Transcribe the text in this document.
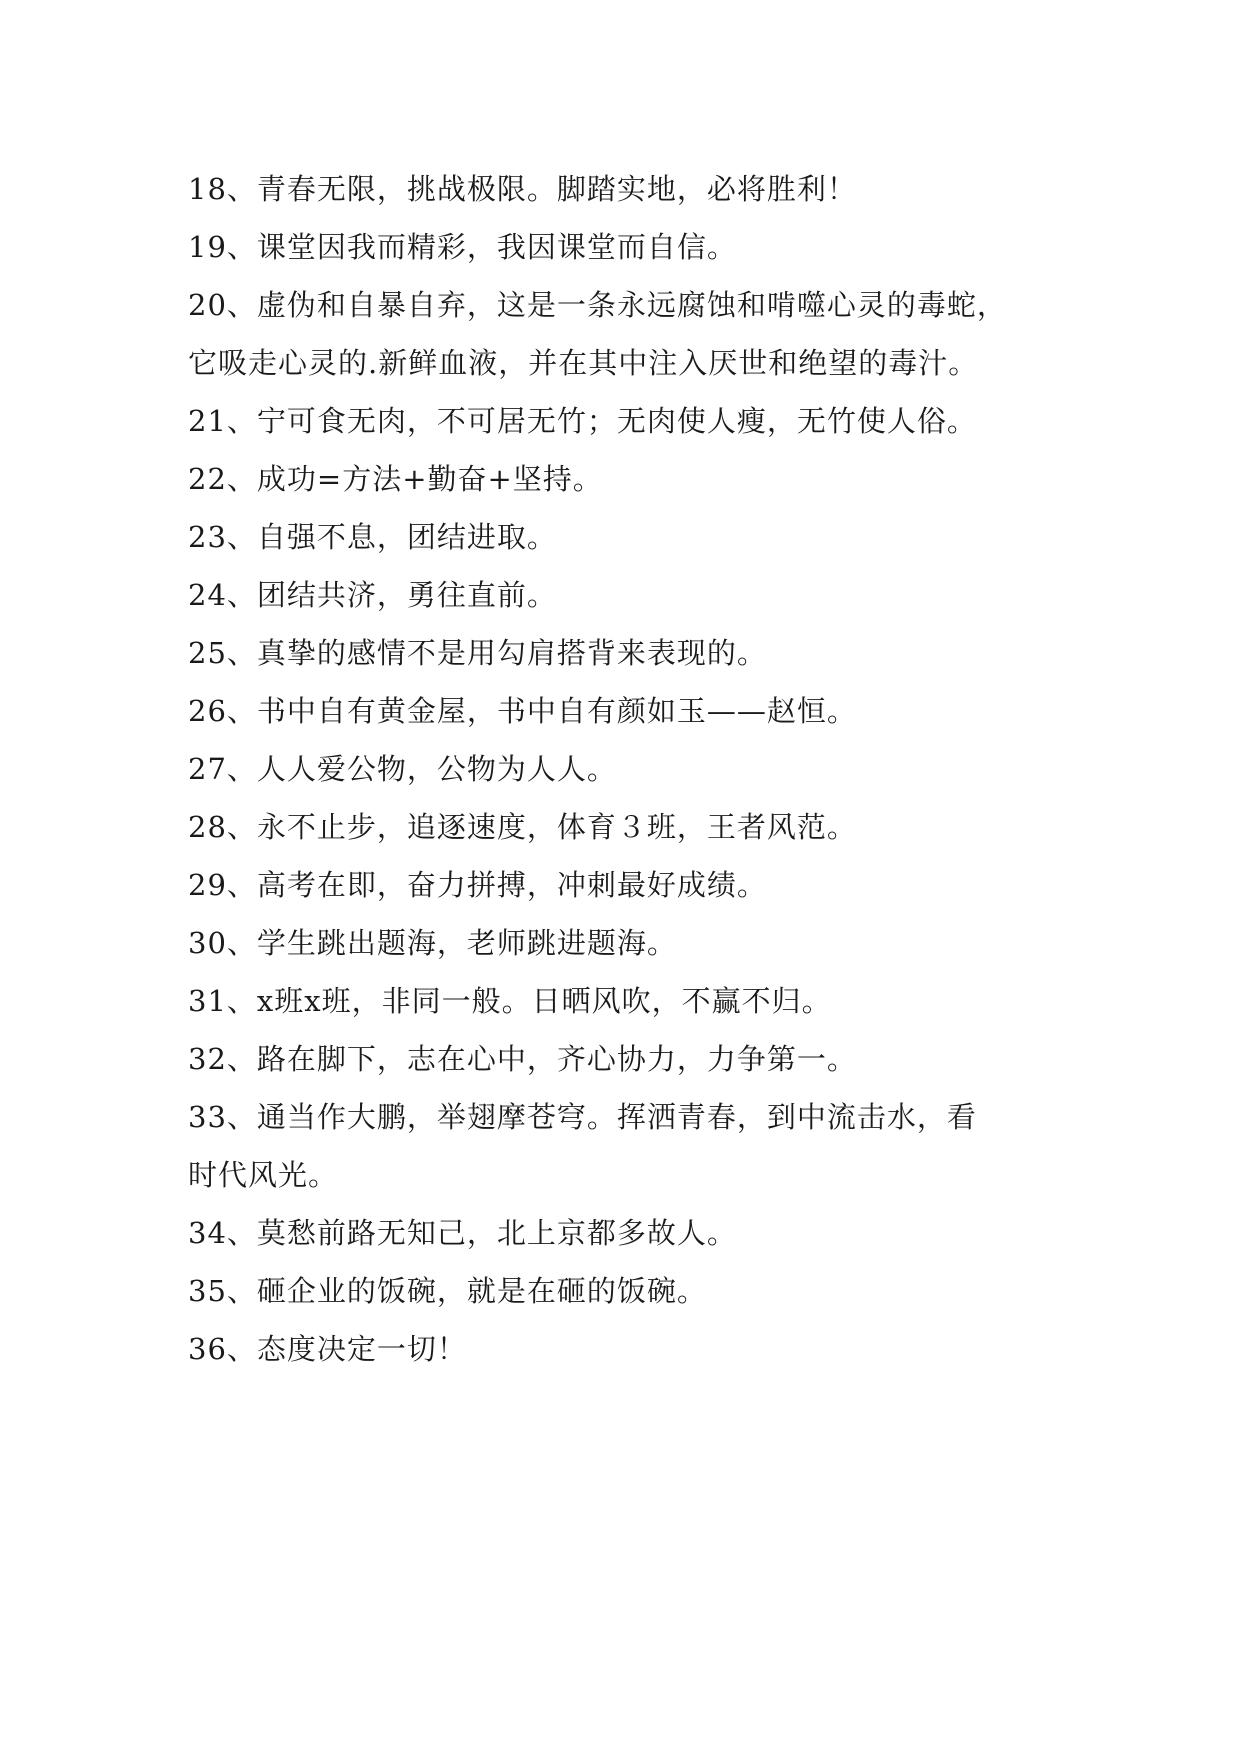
18、青春无限，挑战极限。脚踏实地，必将胜利！
19、课堂因我而精彩，我因课堂而自信。
20、虚伪和自暴自弃，这是一条永远腐蚀和啃噬心灵的毒蛇，
它吸走心灵的.新鲜血液，并在其中注入厌世和绝望的毒汁。
21、宁可食无肉，不可居无竹；无肉使人瘦，无竹使人俗。
22、成功=方法+勤奋+坚持。
23、自强不息，团结进取。
24、团结共济，勇往直前。
25、真挚的感情不是用勾肩搭背来表现的。
26、书中自有黄金屋，书中自有颜如玉——赵恒。
27、人人爱公物，公物为人人。
28、永不止步，追逐速度，体育３班，王者风范。
29、高考在即，奋力拼搏，冲刺最好成绩。
30、学生跳出题海，老师跳进题海。
31、x班x班，非同一般。日晒风吹，不赢不归。
32、路在脚下，志在心中，齐心协力，力争第一。
33、通当作大鹏，举翅摩苍穹。挥洒青春，到中流击水，看
时代风光。
34、莫愁前路无知己，北上京都多故人。
35、砸企业的饭碗，就是在砸的饭碗。
36、态度决定一切！
